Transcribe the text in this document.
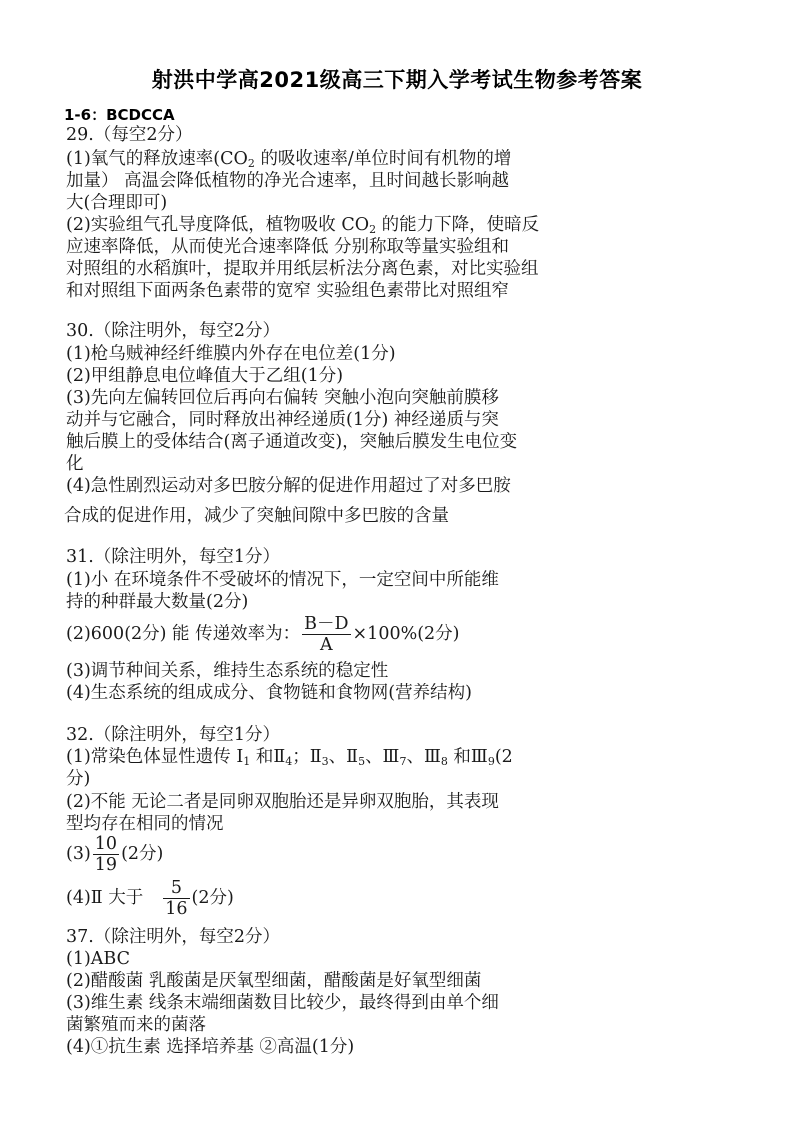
射洪中学高2021级高三下期入学考试生物参考答案
1-6：BCDCCA
29.（每空2分）
(1)氧气的释放速率($CO_2$ 的吸收速率/单位时间有机物的增
加量） 高温会降低植物的净光合速率，且时间越长影响越
大(合理即可)
(2)实验组气孔导度降低，植物吸收 $CO_2$ 的能力下降，使暗反
应速率降低，从而使光合速率降低 分别称取等量实验组和
对照组的水稻旗叶，提取并用纸层析法分离色素，对比实验组
和对照组下面两条色素带的宽窄 实验组色素带比对照组窄
30.（除注明外，每空2分）
(1)枪乌贼神经纤维膜内外存在电位差(1分)
(2)甲组静息电位峰值大于乙组(1分)
(3)先向左偏转回位后再向右偏转 突触小泡向突触前膜移
动并与它融合，同时释放出神经递质(1分) 神经递质与突
触后膜上的受体结合(离子通道改变)，突触后膜发生电位变
化
(4)急性剧烈运动对多巴胺分解的促进作用超过了对多巴胺
合成的促进作用，减少了突触间隙中多巴胺的含量
31.（除注明外，每空1分）
(1)小 在环境条件不受破坏的情况下，一定空间中所能维
持的种群最大数量(2分)
(2)600(2分) 能 传递效率为： $\frac{B-D}{A} \times 100\%(2$分)
(3)调节种间关系，维持生态系统的稳定性
(4)生态系统的组成成分、食物链和食物网(营养结构)
32.（除注明外，每空1分）
(1)常染色体显性遗传 $Ⅰ_1$ 和$Ⅱ_4$；$Ⅱ_3$、$Ⅱ_5$、$Ⅲ_7$、$Ⅲ_8$ 和$Ⅲ_9(2$
分)
(2)不能 无论二者是同卵双胞胎还是异卵双胞胎，其表现
型均存在相同的情况
$(3) \frac{10}{19} (2$分)
(4)Ⅱ 大于 $\frac{5}{16} (2$分)
37.（除注明外，每空2分）
(1)ABC
(2)醋酸菌 乳酸菌是厌氧型细菌，醋酸菌是好氧型细菌
(3)维生素 线条末端细菌数目比较少，最终得到由单个细
菌繁殖而来的菌落
(4)①抗生素 选择培养基 ②高温(1分)
